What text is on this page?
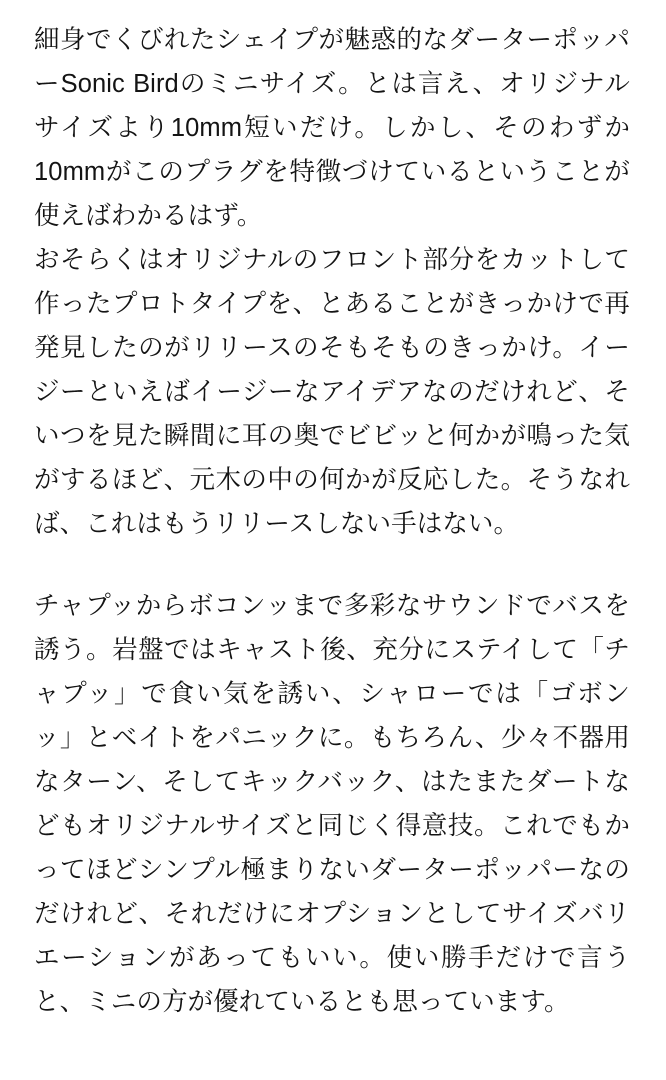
細身でくびれたシェイプが魅惑的なダーターポッパーSonic Birdのミニサイズ。とは言え、オリジナルサイズより10mm短いだけ。しかし、そのわずか10mmがこのプラグを特徴づけているということが使えばわかるはず。

おそらくはオリジナルのフロント部分をカットして作ったプロトタイプを、とあることがきっかけで再発見したのがリリースのそもそものきっかけ。イージーといえばイージーなアイデアなのだけれど、そいつを見た瞬間に耳の奥でビビッと何かが鳴った気がするほど、元木の中の何かが反応した。そうなれば、これはもうリリースしない手はない。

チャプッからボコンッまで多彩なサウンドでバスを誘う。岩盤ではキャスト後、充分にステイして「チャプッ」で食い気を誘い、シャローでは「ゴボンッ」とベイトをパニックに。もちろん、少々不器用なターン、そしてキックバック、はたまたダートなどもオリジナルサイズと同じく得意技。これでもかってほどシンプル極まりないダーターポッパーなのだけれど、それだけにオプションとしてサイズバリエーションがあってもいい。使い勝手だけで言うと、ミニの方が優れているとも思っています。
